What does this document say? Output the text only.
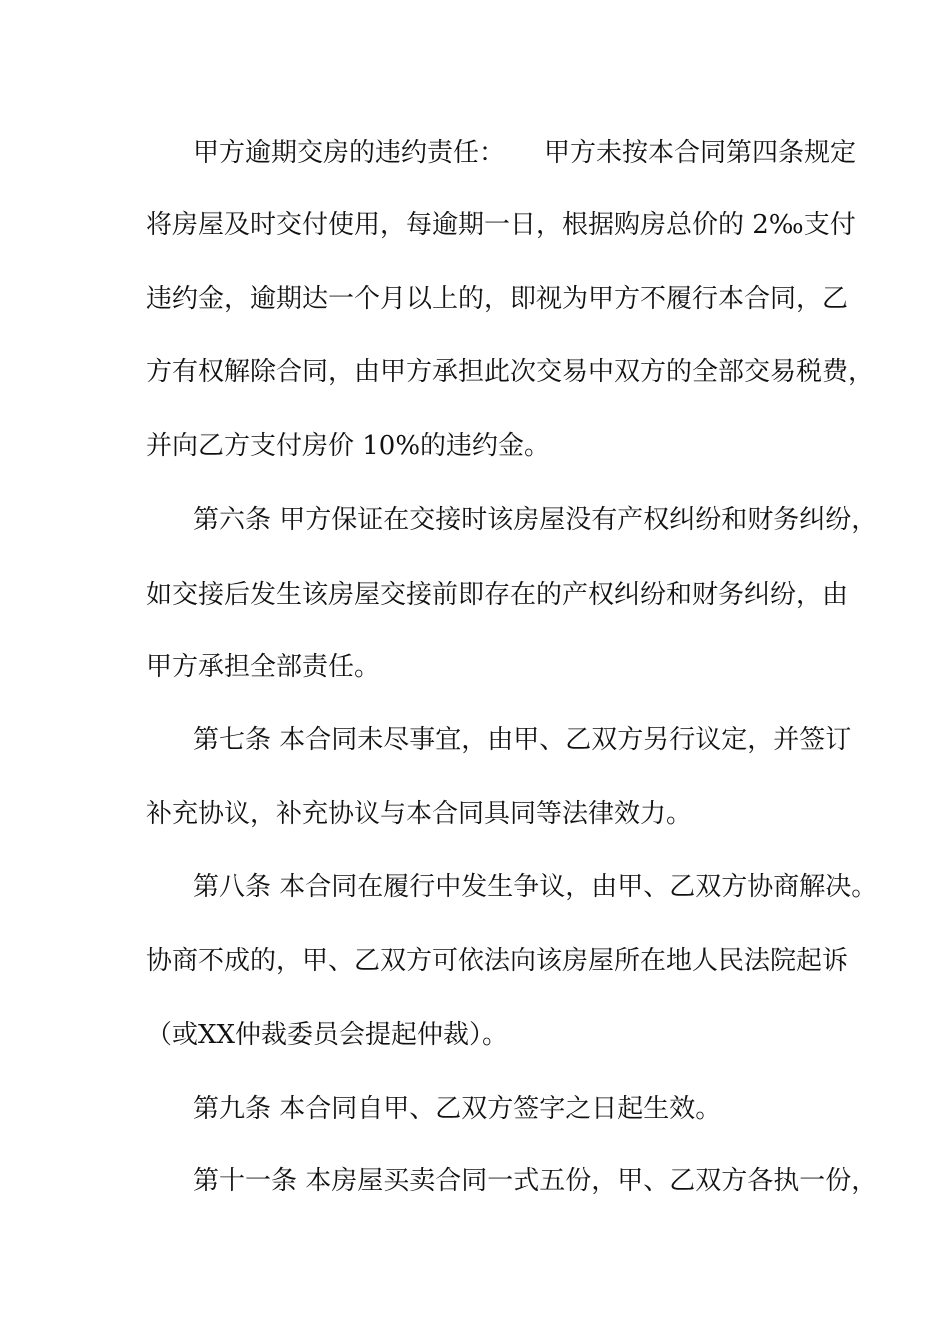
甲方逾期交房的违约责任：　　甲方未按本合同第四条规定
将房屋及时交付使用，每逾期一日，根据购房总价的 2‰支付
违约金，逾期达一个月以上的，即视为甲方不履行本合同，乙
方有权解除合同，由甲方承担此次交易中双方的全部交易税费，
并向乙方支付房价 10%的违约金。
第六条 甲方保证在交接时该房屋没有产权纠纷和财务纠纷，
如交接后发生该房屋交接前即存在的产权纠纷和财务纠纷，由
甲方承担全部责任。
第七条 本合同未尽事宜，由甲、乙双方另行议定，并签订
补充协议，补充协议与本合同具同等法律效力。
第八条 本合同在履行中发生争议，由甲、乙双方协商解决。
协商不成的，甲、乙双方可依法向该房屋所在地人民法院起诉
（或XX仲裁委员会提起仲裁）。
第九条 本合同自甲、乙双方签字之日起生效。
第十一条 本房屋买卖合同一式五份，甲、乙双方各执一份，
